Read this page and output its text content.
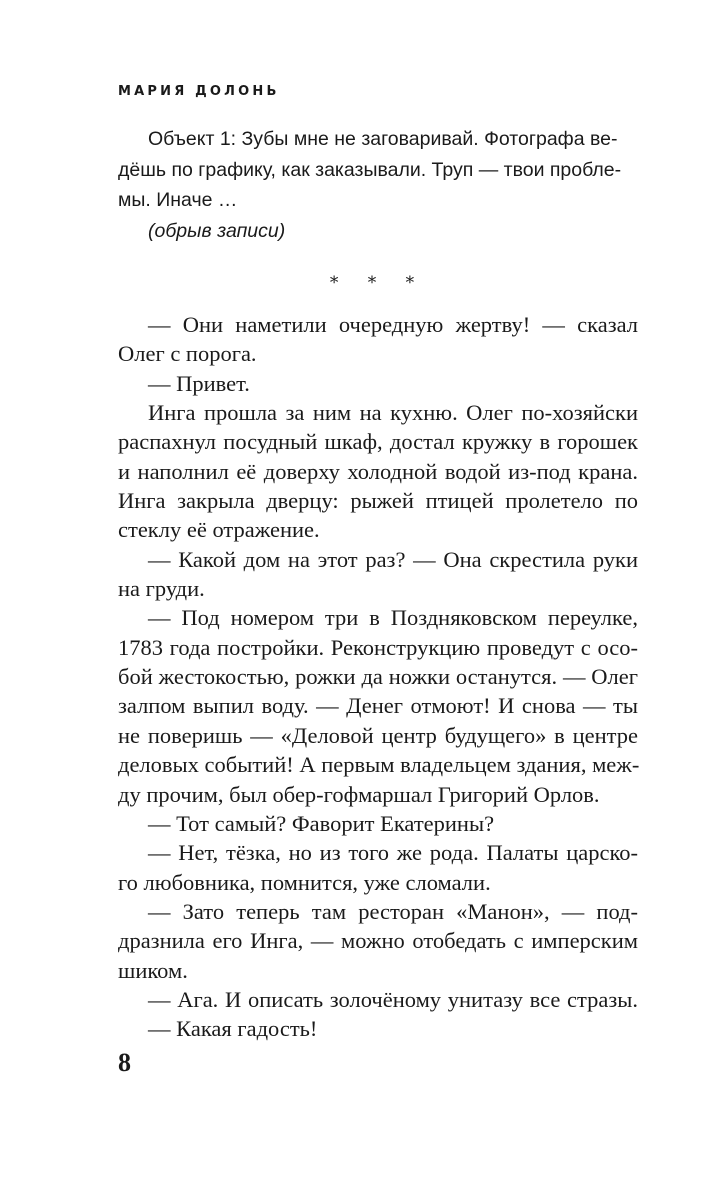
МАРИЯ ДОЛОНЬ
Объект 1: Зубы мне не заговаривай. Фотографа ве-
дёшь по графику, как заказывали. Труп — твои пробле-
мы. Иначе …
(обрыв записи)
* * *
— Они наметили очередную жертву! — сказал
Олег с порога.
— Привет.
Инга прошла за ним на кухню. Олег по-хозяйски
распахнул посудный шкаф, достал кружку в горошек
и наполнил её доверху холодной водой из-под крана.
Инга закрыла дверцу: рыжей птицей пролетело по
стеклу её отражение.
— Какой дом на этот раз? — Она скрестила руки
на груди.
— Под номером три в Поздняковском переулке,
1783 года постройки. Реконструкцию проведут с осо-
бой жестокостью, рожки да ножки останутся. — Олег
залпом выпил воду. — Денег отмоют! И снова — ты
не поверишь — «Деловой центр будущего» в центре
деловых событий! А первым владельцем здания, меж-
ду прочим, был обер-гофмаршал Григорий Орлов.
— Тот самый? Фаворит Екатерины?
— Нет, тёзка, но из того же рода. Палаты царско-
го любовника, помнится, уже сломали.
— Зато теперь там ресторан «Манон», — под-
дразнила его Инга, — можно отобедать с имперским
шиком.
— Ага. И описать золочёному унитазу все стразы.
— Какая гадость!
8
